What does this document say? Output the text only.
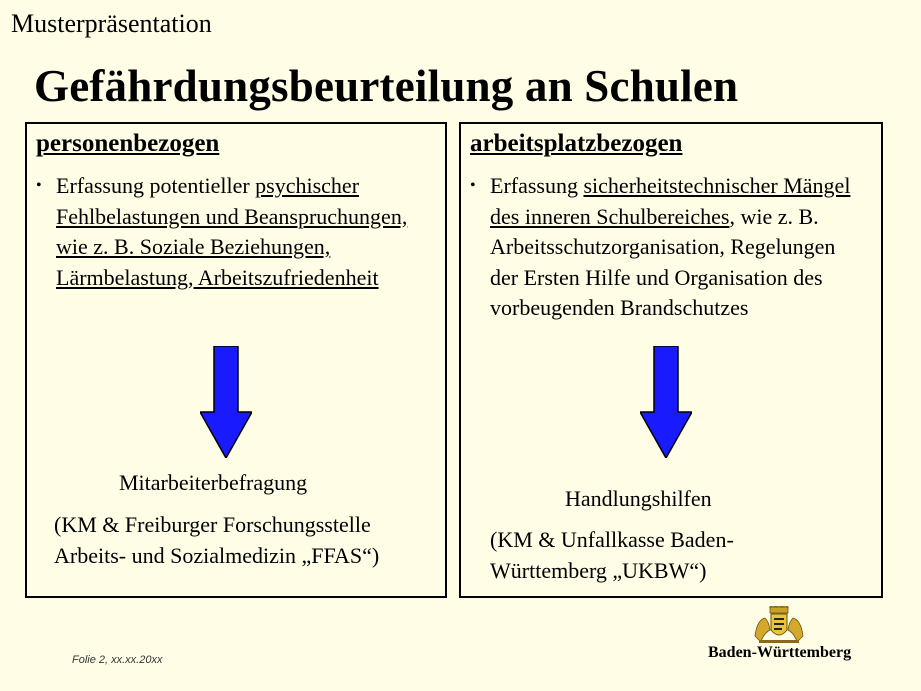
Musterpräsentation
Gefährdungsbeurteilung an Schulen
personenbezogen
• Erfassung potentieller psychischer Fehlbelastungen und Beanspruchungen, wie z. B. Soziale Beziehungen, Lärmbelastung, Arbeitszufriedenheit
Mitarbeiterbefragung
(KM & Freiburger Forschungsstelle Arbeits- und Sozialmedizin „FFAS“)
arbeitsplatzbezogen
• Erfassung sicherheitstechnischer Mängel des inneren Schulbereiches, wie z. B. Arbeitsschutzorganisation, Regelungen der Ersten Hilfe und Organisation des vorbeugenden Brandschutzes
Handlungshilfen
(KM & Unfallkasse Baden-Württemberg „UKBW“)
Folie 2, xx.xx.20xx	Baden-Württemberg
